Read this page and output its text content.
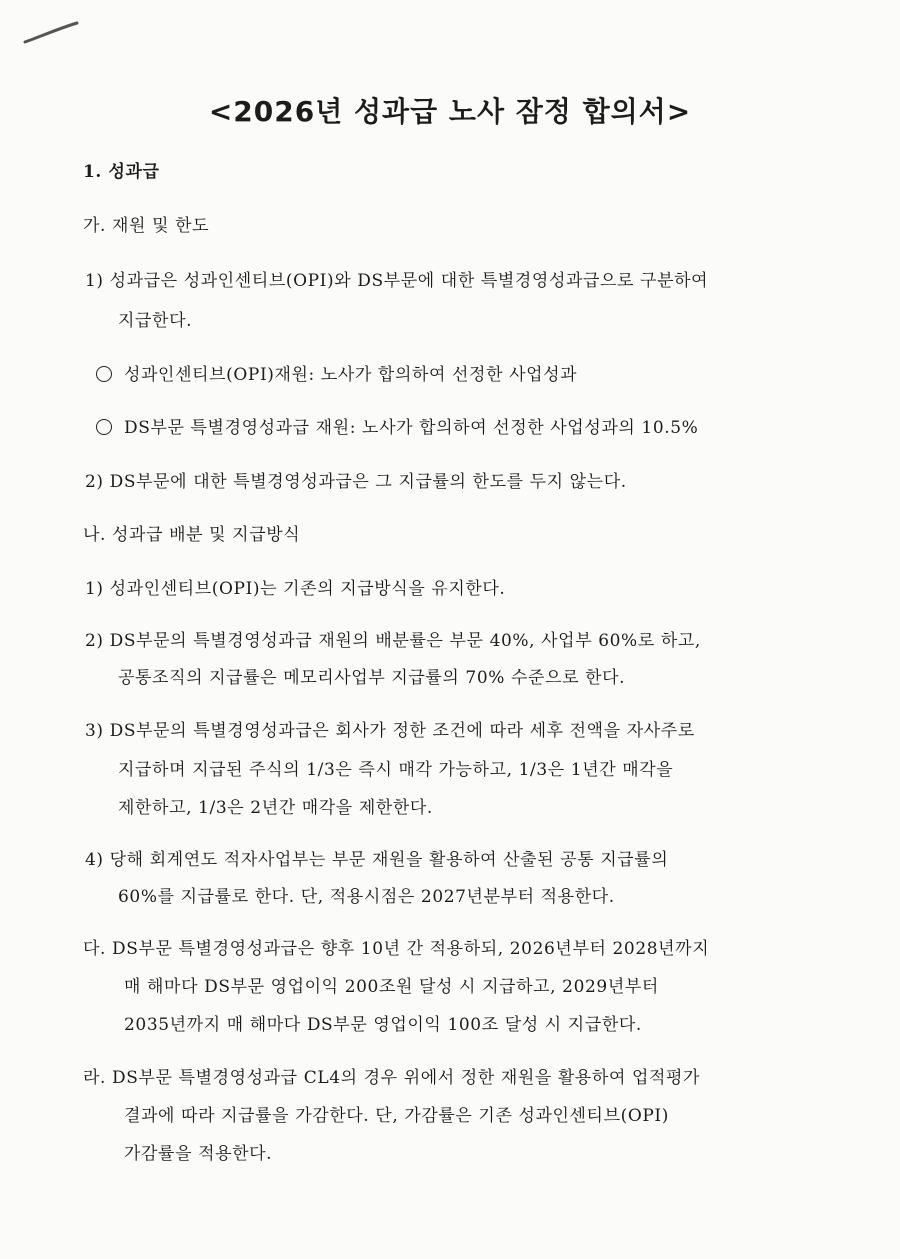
<2026년 성과급 노사 잠정 합의서>
1. 성과급
가. 재원 및 한도
1) 성과급은 성과인센티브(OPI)와 DS부문에 대한 특별경영성과급으로 구분하여
지급한다.
성과인센티브(OPI)재원: 노사가 합의하여 선정한 사업성과
DS부문 특별경영성과급 재원: 노사가 합의하여 선정한 사업성과의 10.5%
2) DS부문에 대한 특별경영성과급은 그 지급률의 한도를 두지 않는다.
나. 성과급 배분 및 지급방식
1) 성과인센티브(OPI)는 기존의 지급방식을 유지한다.
2) DS부문의 특별경영성과급 재원의 배분률은 부문 40%, 사업부 60%로 하고,
공통조직의 지급률은 메모리사업부 지급률의 70% 수준으로 한다.
3) DS부문의 특별경영성과급은 회사가 정한 조건에 따라 세후 전액을 자사주로
지급하며 지급된 주식의 1/3은 즉시 매각 가능하고, 1/3은 1년간 매각을
제한하고, 1/3은 2년간 매각을 제한한다.
4) 당해 회계연도 적자사업부는 부문 재원을 활용하여 산출된 공통 지급률의
60%를 지급률로 한다. 단, 적용시점은 2027년분부터 적용한다.
다. DS부문 특별경영성과급은 향후 10년 간 적용하되, 2026년부터 2028년까지
매 해마다 DS부문 영업이익 200조원 달성 시 지급하고, 2029년부터
2035년까지 매 해마다 DS부문 영업이익 100조 달성 시 지급한다.
라. DS부문 특별경영성과급 CL4의 경우 위에서 정한 재원을 활용하여 업적평가
결과에 따라 지급률을 가감한다. 단, 가감률은 기존 성과인센티브(OPI)
가감률을 적용한다.
